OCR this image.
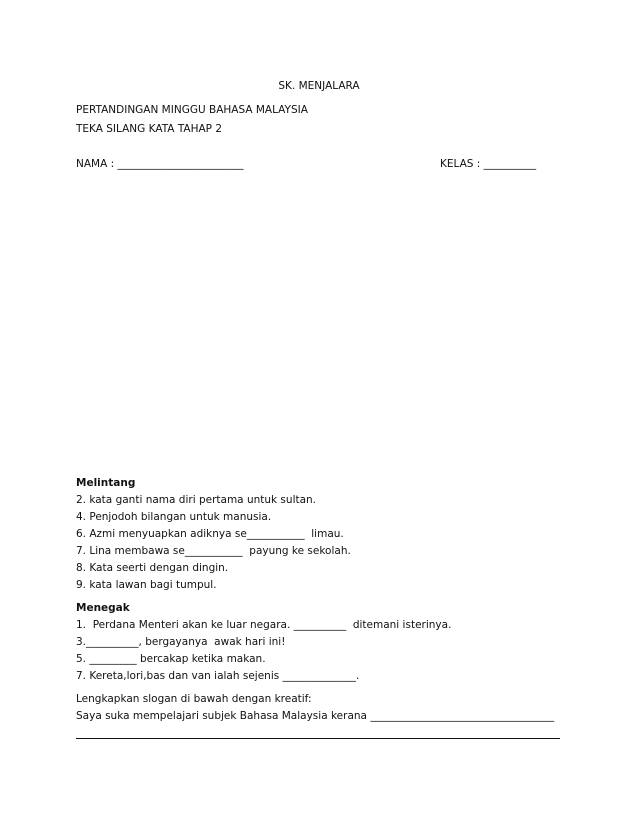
SK. MENJALARA
PERTANDINGAN MINGGU BAHASA MALAYSIA
TEKA SILANG KATA TAHAP 2
NAMA : ________________________	KELAS : __________
Melintang
2. kata ganti nama diri pertama untuk sultan.
4. Penjodoh bilangan untuk manusia.
6. Azmi menyuapkan adiknya se___________  limau.
7. Lina membawa se___________  payung ke sekolah.
8. Kata seerti dengan dingin.
9. kata lawan bagi tumpul.
Menegak
1.  Perdana Menteri akan ke luar negara. __________  ditemani isterinya.
3.__________, bergayanya  awak hari ini!
5. _________ bercakap ketika makan.
7. Kereta,lori,bas dan van ialah sejenis ______________.
Lengkapkan slogan di bawah dengan kreatif:
Saya suka mempelajari subjek Bahasa Malaysia kerana ___________________________________
